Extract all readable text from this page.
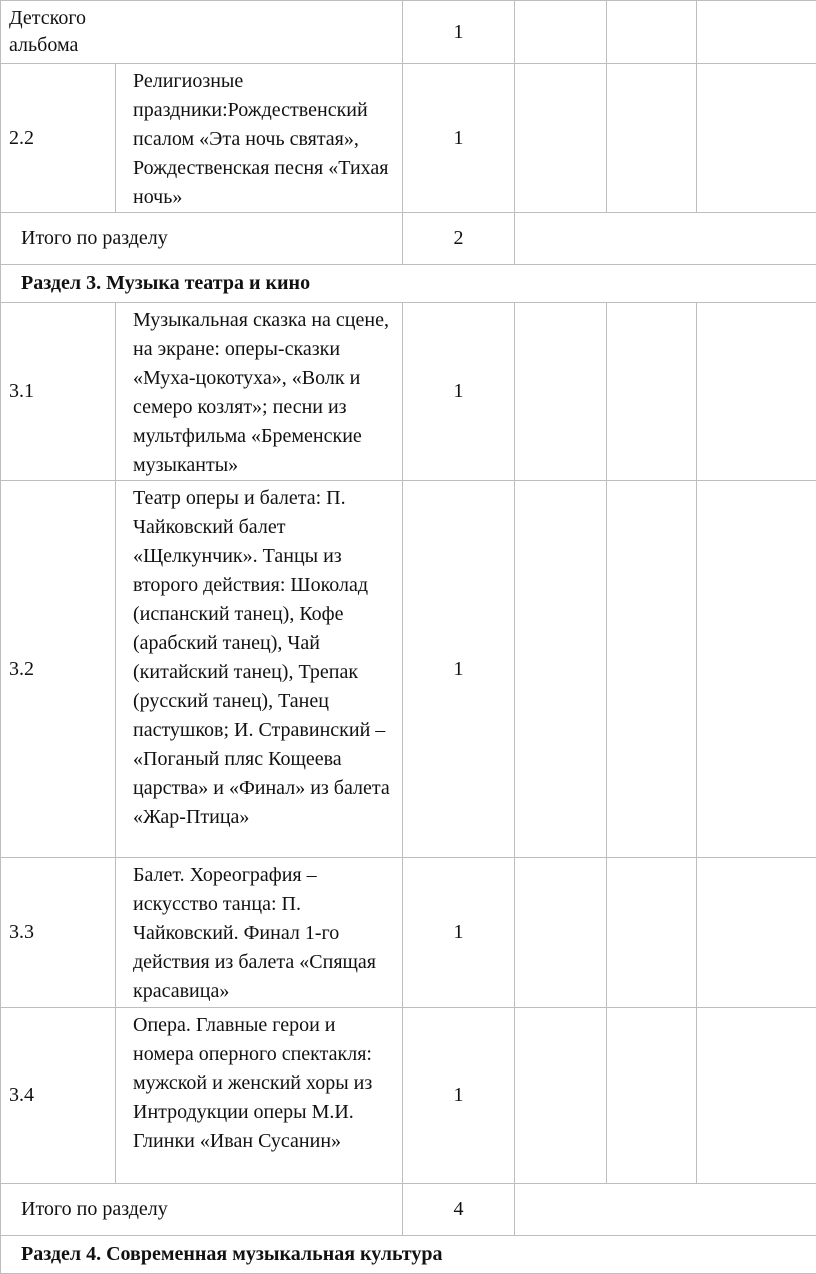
Детского альбома		1			
2.2	Религиозные праздники:Рождественский псалом «Эта ночь святая», Рождественская песня «Тихая ночь»	1			
Итого по разделу		2			
Раздел 3. Музыка театра и кино					
3.1	Музыкальная сказка на сцене, на экране: оперы-сказки «Муха-цокотуха», «Волк и семеро козлят»; песни из мультфильма «Бременские музыканты»	1			
3.2	Театр оперы и балета: П. Чайковский балет «Щелкунчик». Танцы из второго действия: Шоколад (испанский танец), Кофе (арабский танец), Чай (китайский танец), Трепак (русский танец), Танец пастушков; И. Стравинский – «Поганый пляс Кощеева царства» и «Финал» из балета «Жар-Птица»	1			
3.3	Балет. Хореография – искусство танца: П. Чайковский. Финал 1-го действия из балета «Спящая красавица»	1			
3.4	Опера. Главные герои и номера оперного спектакля: мужской и женский хоры из Интродукции оперы М.И. Глинки «Иван Сусанин»	1			
Итого по разделу		4			
Раздел 4. Современная музыкальная культура					
